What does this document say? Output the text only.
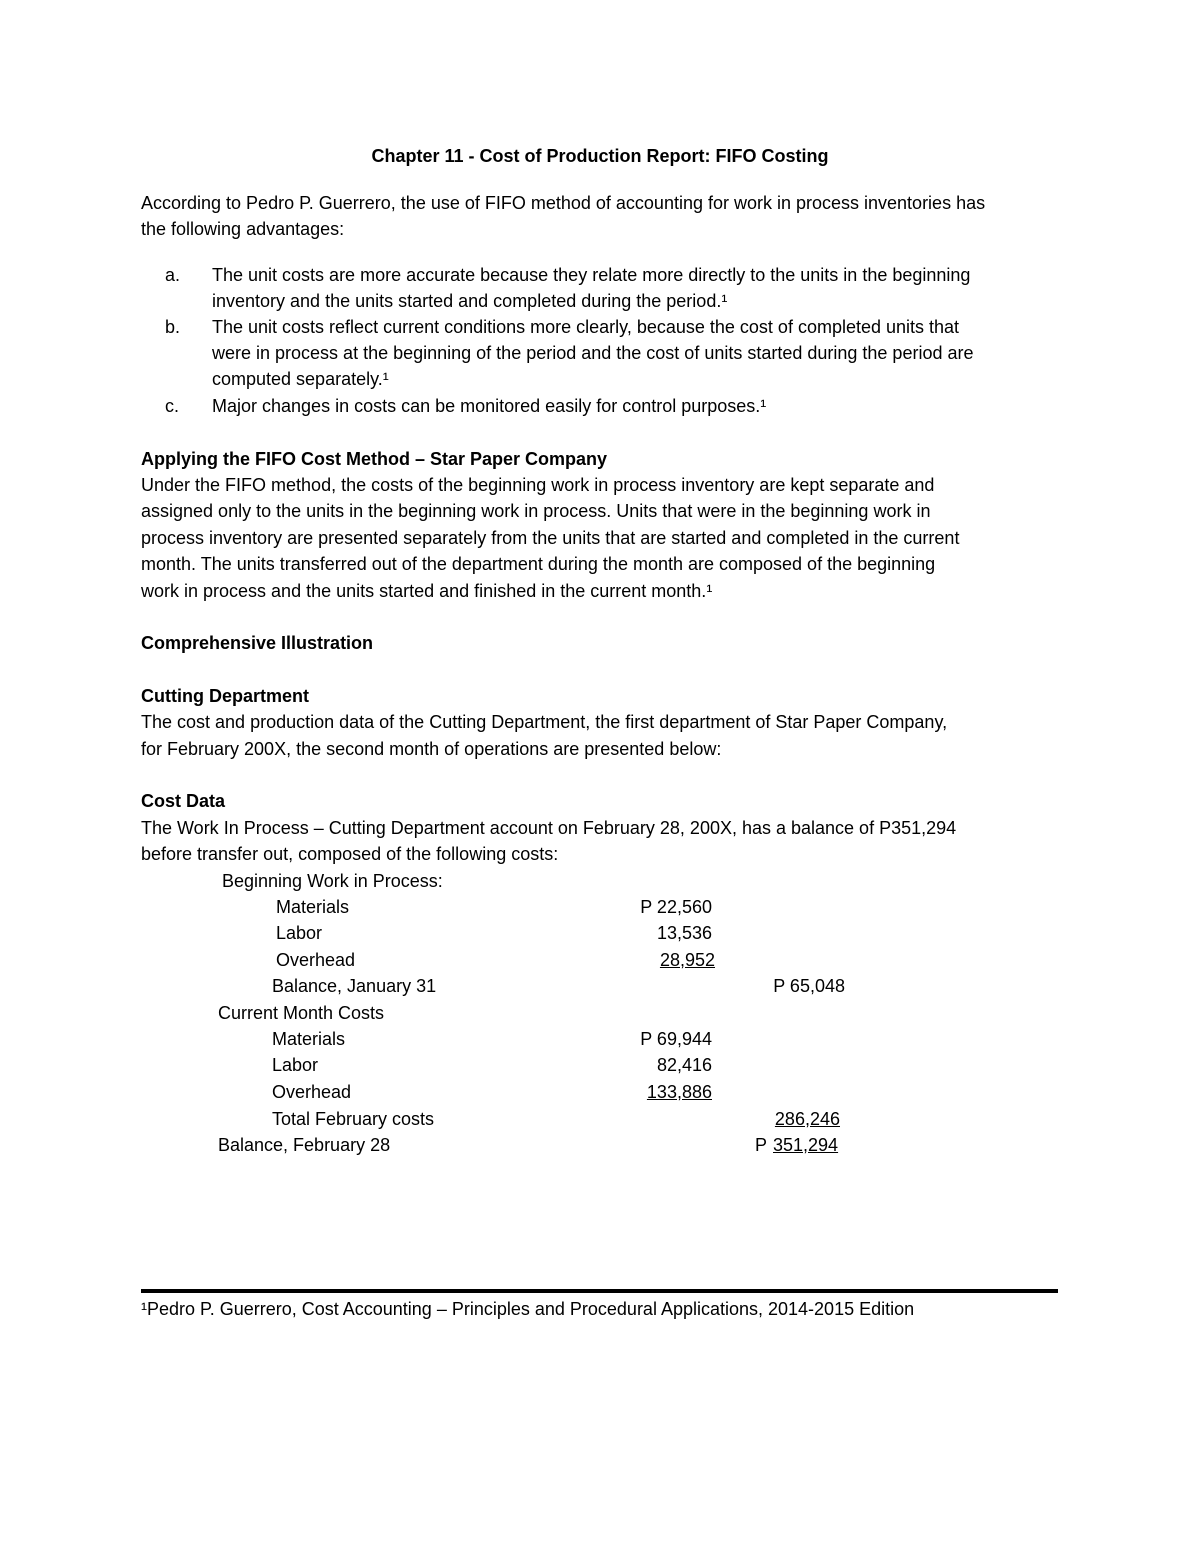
Chapter 11 - Cost of Production Report: FIFO Costing
According to Pedro P. Guerrero, the use of FIFO method of accounting for work in process inventories has
the following advantages:
a. The unit costs are more accurate because they relate more directly to the units in the beginning
inventory and the units started and completed during the period.¹
b. The unit costs reflect current conditions more clearly, because the cost of completed units that
were in process at the beginning of the period and the cost of units started during the period are
computed separately.¹
c. Major changes in costs can be monitored easily for control purposes.¹
Applying the FIFO Cost Method – Star Paper Company
Under the FIFO method, the costs of the beginning work in process inventory are kept separate and
assigned only to the units in the beginning work in process. Units that were in the beginning work in
process inventory are presented separately from the units that are started and completed in the current
month. The units transferred out of the department during the month are composed of the beginning
work in process and the units started and finished in the current month.¹
Comprehensive Illustration
Cutting Department
The cost and production data of the Cutting Department, the first department of Star Paper Company,
for February 200X, the second month of operations are presented below:
Cost Data
The Work In Process – Cutting Department account on February 28, 200X, has a balance of P351,294
before transfer out, composed of the following costs:
Beginning Work in Process:
Materials	P 22,560
Labor	13,536
Overhead	28,952
Balance, January 31	P 65,048
Current Month Costs
Materials	P 69,944
Labor	82,416
Overhead	133,886
Total February costs	286,246
Balance, February 28	P 351,294
¹Pedro P. Guerrero, Cost Accounting – Principles and Procedural Applications, 2014-2015 Edition
